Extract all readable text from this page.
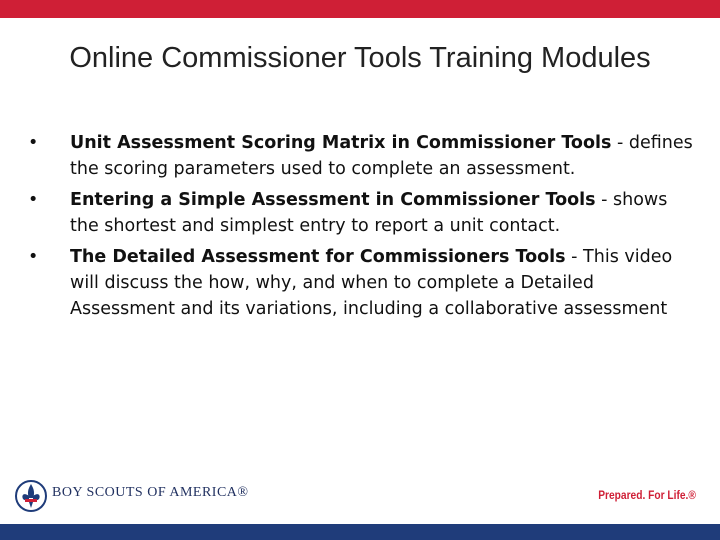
Online Commissioner Tools Training Modules
•	Unit Assessment Scoring Matrix in Commissioner Tools - defines the scoring parameters used to complete an assessment.
•	Entering a Simple Assessment in Commissioner Tools - shows the shortest and simplest entry to report a unit contact.
•	The Detailed Assessment for Commissioners Tools - This video will discuss the how, why, and when to complete a Detailed Assessment and its variations, including a collaborative assessment
BOY SCOUTS OF AMERICA®	Prepared. For Life.®
